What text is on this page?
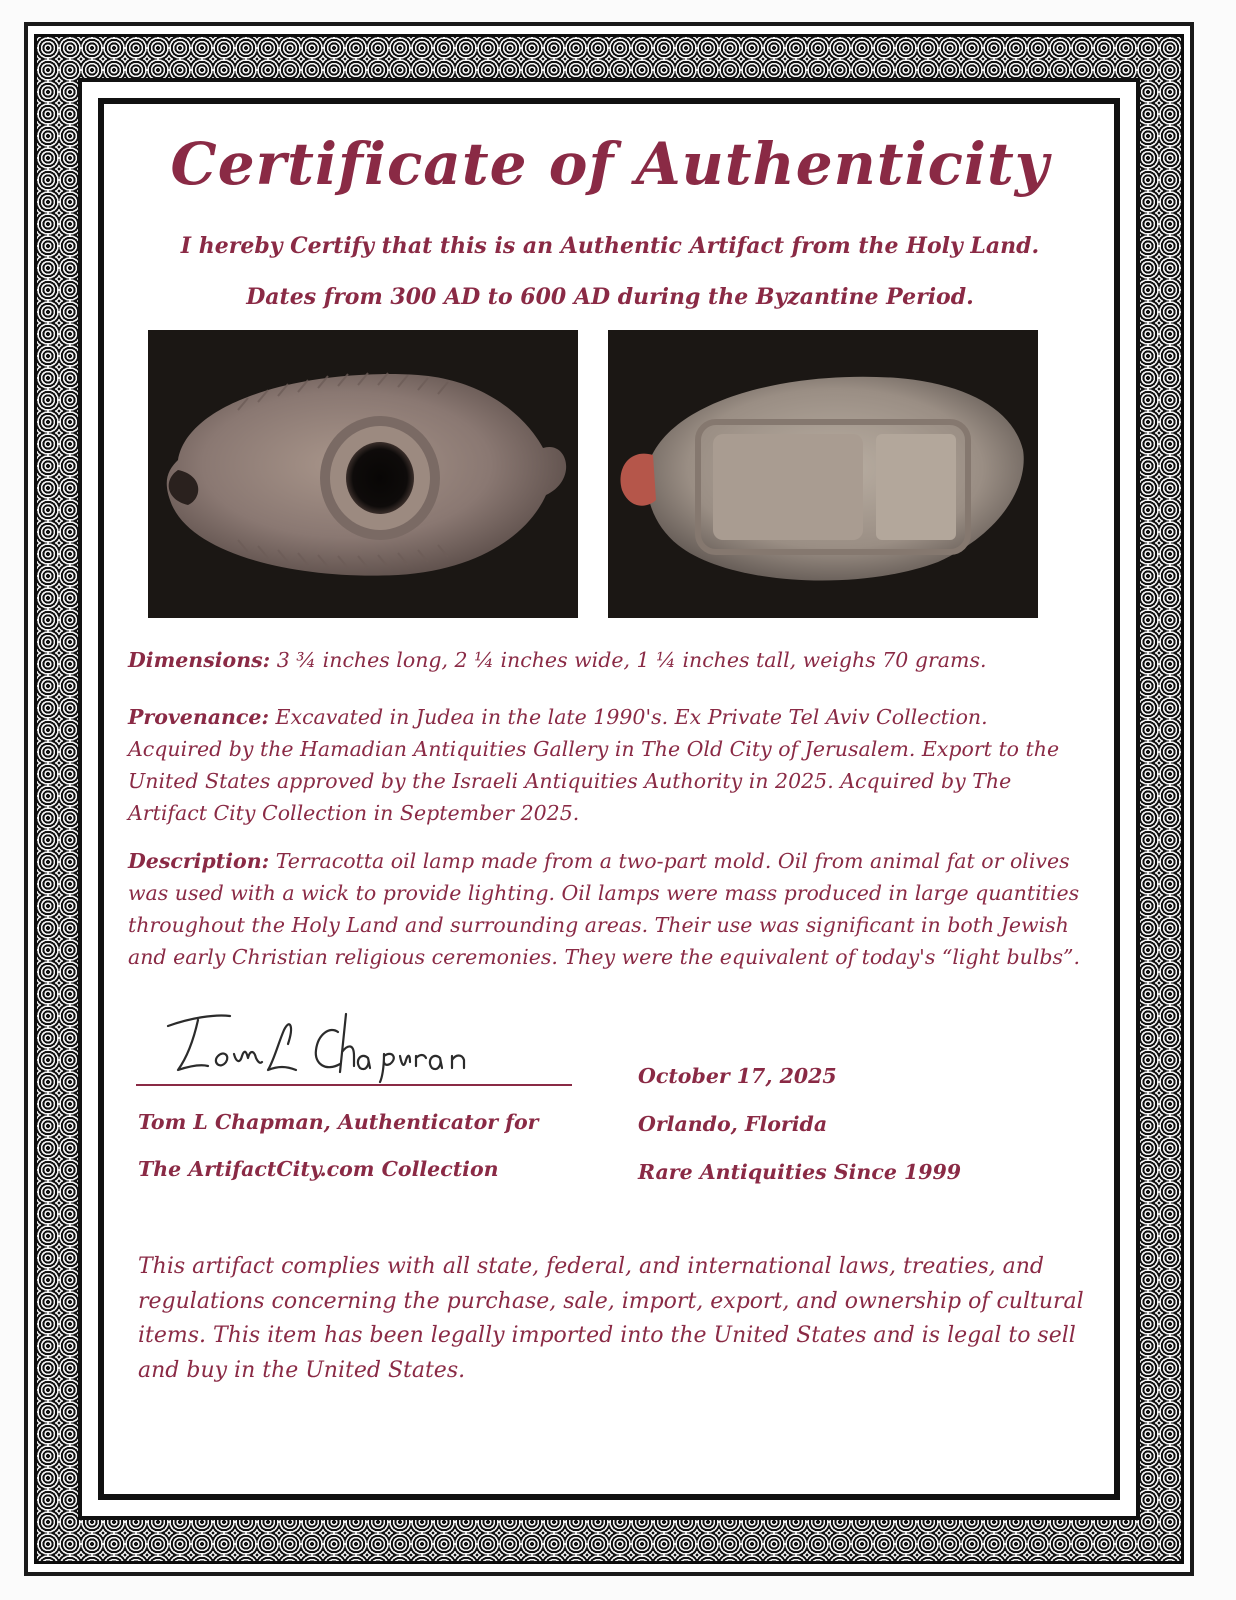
Certificate of Authenticity
I hereby Certify that this is an Authentic Artifact from the Holy Land.
Dates from 300 AD to 600 AD during the Byzantine Period.
Dimensions: 3 ¾ inches long, 2 ¼ inches wide, 1 ¼ inches tall, weighs 70 grams.
Provenance: Excavated in Judea in the late 1990's. Ex Private Tel Aviv Collection. Acquired by the Hamadian Antiquities Gallery in The Old City of Jerusalem. Export to the United States approved by the Israeli Antiquities Authority in 2025. Acquired by The Artifact City Collection in September 2025.
Description: Terracotta oil lamp made from a two-part mold. Oil from animal fat or olives was used with a wick to provide lighting. Oil lamps were mass produced in large quantities throughout the Holy Land and surrounding areas. Their use was significant in both Jewish and early Christian religious ceremonies. They were the equivalent of today's “light bulbs”.
Tom L Chapman, Authenticator for
The ArtifactCity.com Collection
October 17, 2025
Orlando, Florida
Rare Antiquities Since 1999
This artifact complies with all state, federal, and international laws, treaties, and regulations concerning the purchase, sale, import, export, and ownership of cultural items. This item has been legally imported into the United States and is legal to sell and buy in the United States.
